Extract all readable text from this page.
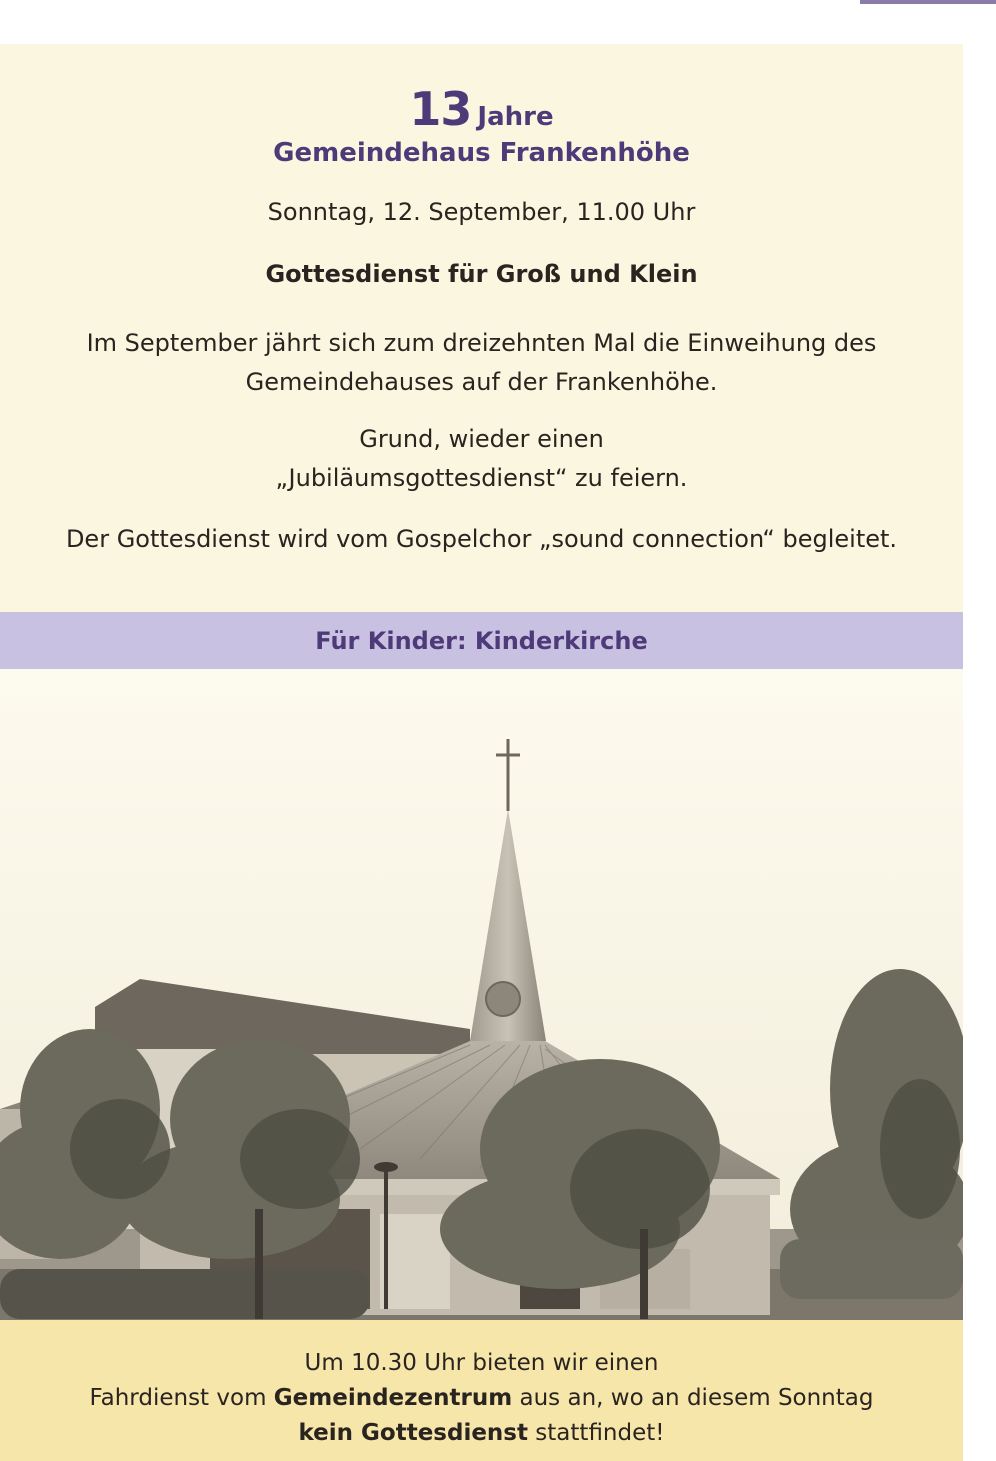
13 Jahre
Gemeindehaus Frankenhöhe
Sonntag, 12. September, 11.00 Uhr
Gottesdienst für Groß und Klein
Im September jährt sich zum dreizehnten Mal die Einweihung des
Gemeindehauses auf der Frankenhöhe.
Grund, wieder einen
„Jubiläumsgottesdienst“ zu feiern.
Der Gottesdienst wird vom Gospelchor „sound connection“ begleitet.
Für Kinder: Kinderkirche
Um 10.30 Uhr bieten wir einen
Fahrdienst vom Gemeindezentrum aus an, wo an diesem Sonntag
kein Gottesdienst stattfindet!
